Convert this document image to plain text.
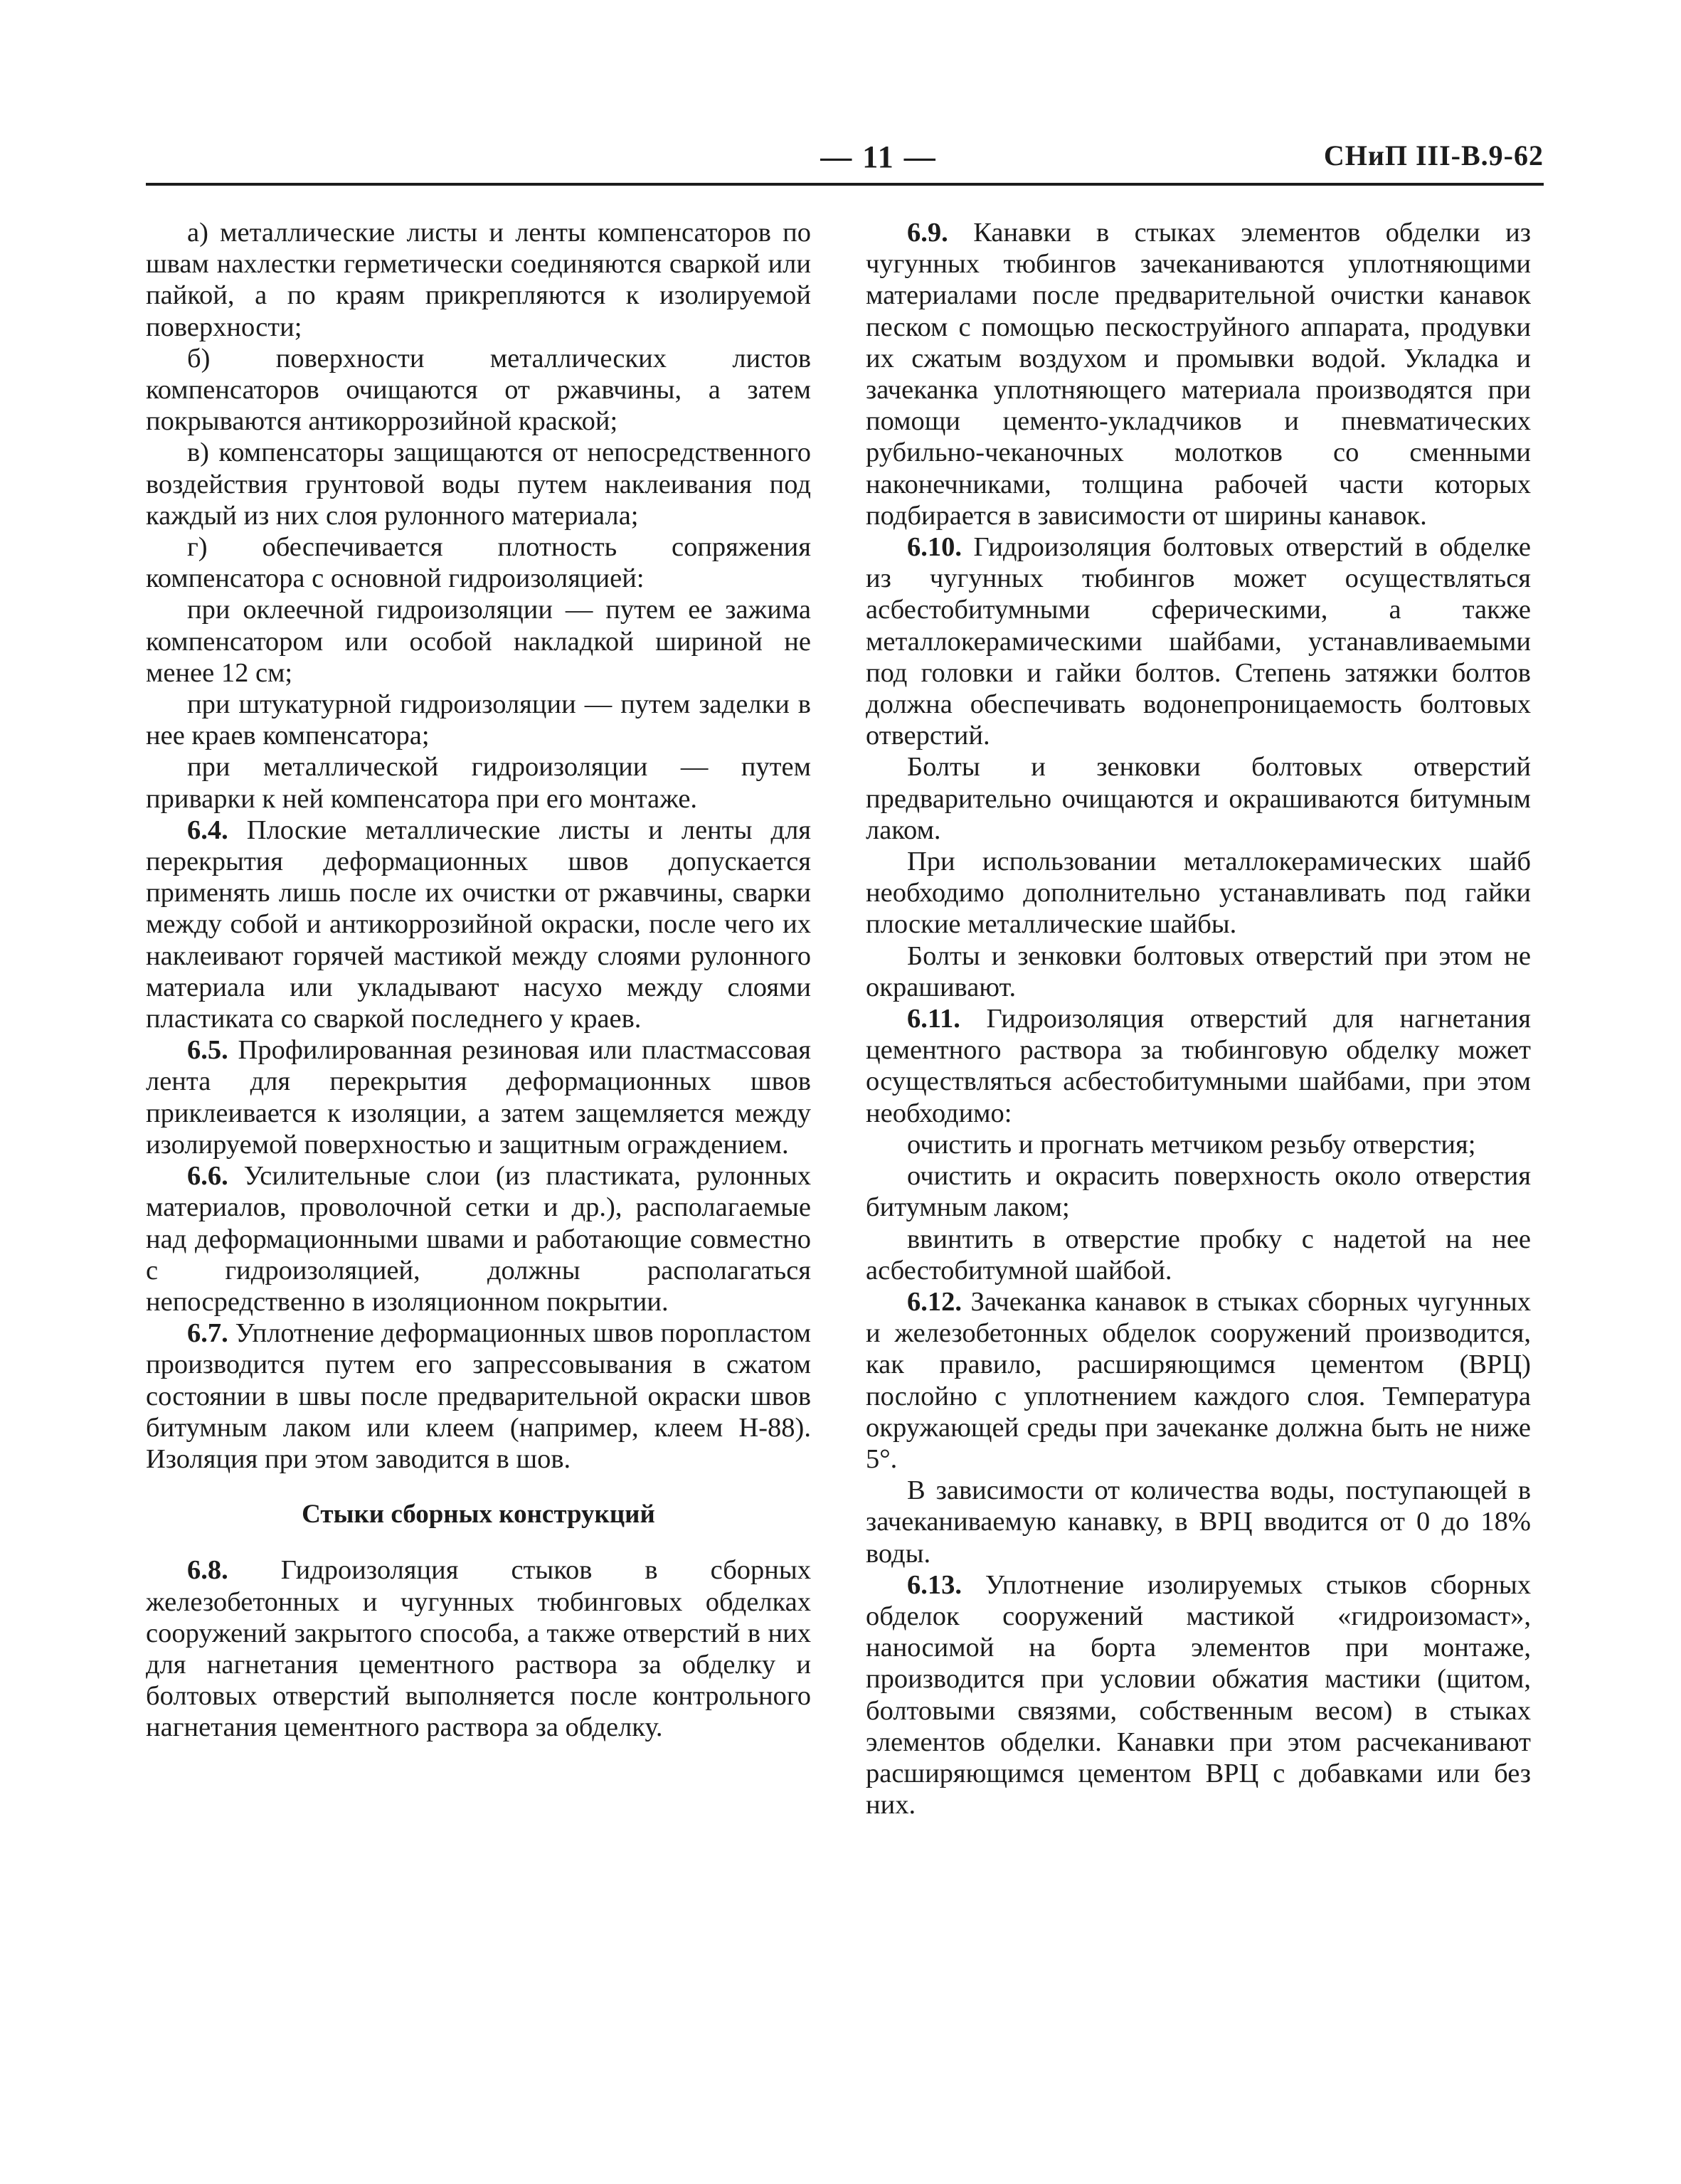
— 11 —	СНиП III-В.9-62

а) металлические листы и ленты компенсаторов по швам нахлестки герметически соединяются сваркой или пайкой, а по краям прикрепляются к изолируемой поверхности;

б) поверхности металлических листов компенсаторов очищаются от ржавчины, а затем покрываются антикоррозийной краской;

в) компенсаторы защищаются от непосредственного воздействия грунтовой воды путем наклеивания под каждый из них слоя рулонного материала;

г) обеспечивается плотность сопряжения компенсатора с основной гидроизоляцией:

при оклеечной гидроизоляции — путем ее зажима компенсатором или особой накладкой шириной не менее 12 см;

при штукатурной гидроизоляции — путем заделки в нее краев компенсатора;

при металлической гидроизоляции — путем приварки к ней компенсатора при его монтаже.

6.4. Плоские металлические листы и ленты для перекрытия деформационных швов допускается применять лишь после их очистки от ржавчины, сварки между собой и антикоррозийной окраски, после чего их наклеивают горячей мастикой между слоями рулонного материала или укладывают насухо между слоями пластиката со сваркой последнего у краев.

6.5. Профилированная резиновая или пластмассовая лента для перекрытия деформационных швов приклеивается к изоляции, а затем защемляется между изолируемой поверхностью и защитным ограждением.

6.6. Усилительные слои (из пластиката, рулонных материалов, проволочной сетки и др.), располагаемые над деформационными швами и работающие совместно с гидроизоляцией, должны располагаться непосредственно в изоляционном покрытии.

6.7. Уплотнение деформационных швов поропластом производится путем его запрессовывания в сжатом состоянии в швы после предварительной окраски швов битумным лаком или клеем (например, клеем Н-88). Изоляция при этом заводится в шов.

Стыки сборных конструкций

6.8. Гидроизоляция стыков в сборных железобетонных и чугунных тюбинговых обделках сооружений закрытого способа, а также отверстий в них для нагнетания цементного раствора за обделку и болтовых отверстий выполняется после контрольного нагнетания цементного раствора за обделку.

6.9. Канавки в стыках элементов обделки из чугунных тюбингов зачеканиваются уплотняющими материалами после предварительной очистки канавок песком с помощью пескоструйного аппарата, продувки их сжатым воздухом и промывки водой. Укладка и зачеканка уплотняющего материала производятся при помощи цементо-укладчиков и пневматических рубильно-чеканочных молотков со сменными наконечниками, толщина рабочей части которых подбирается в зависимости от ширины канавок.

6.10. Гидроизоляция болтовых отверстий в обделке из чугунных тюбингов может осуществляться асбестобитумными сферическими, а также металлокерамическими шайбами, устанавливаемыми под головки и гайки болтов. Степень затяжки болтов должна обеспечивать водонепроницаемость болтовых отверстий.

Болты и зенковки болтовых отверстий предварительно очищаются и окрашиваются битумным лаком.

При использовании металлокерамических шайб необходимо дополнительно устанавливать под гайки плоские металлические шайбы.

Болты и зенковки болтовых отверстий при этом не окрашивают.

6.11. Гидроизоляция отверстий для нагнетания цементного раствора за тюбинговую обделку может осуществляться асбестобитумными шайбами, при этом необходимо:

очистить и прогнать метчиком резьбу отверстия;

очистить и окрасить поверхность около отверстия битумным лаком;

ввинтить в отверстие пробку с надетой на нее асбестобитумной шайбой.

6.12. Зачеканка канавок в стыках сборных чугунных и железобетонных обделок сооружений производится, как правило, расширяющимся цементом (ВРЦ) послойно с уплотнением каждого слоя. Температура окружающей среды при зачеканке должна быть не ниже 5°.

В зависимости от количества воды, поступающей в зачеканиваемую канавку, в ВРЦ вводится от 0 до 18% воды.

6.13. Уплотнение изолируемых стыков сборных обделок сооружений мастикой «гидроизомаст», наносимой на борта элементов при монтаже, производится при условии обжатия мастики (щитом, болтовыми связями, собственным весом) в стыках элементов обделки. Канавки при этом расчеканивают расширяющимся цементом ВРЦ с добавками или без них.
